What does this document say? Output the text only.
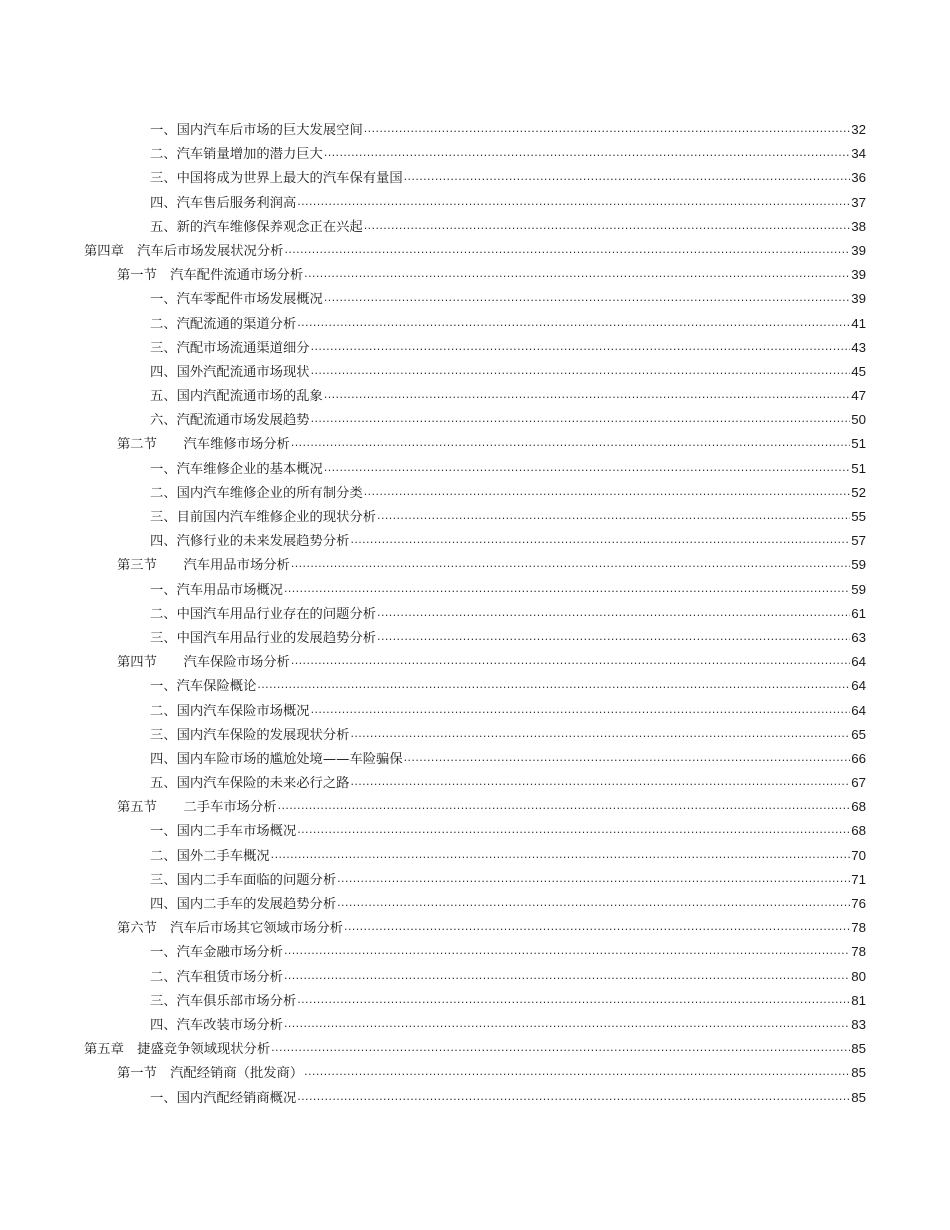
一、国内汽车后市场的巨大发展空间 .....	32
二、汽车销量增加的潜力巨大 .....	34
三、中国将成为世界上最大的汽车保有量国 .....	36
四、汽车售后服务利润高 .....	37
五、新的汽车维修保养观念正在兴起 .....	38
第四章　汽车后市场发展状况分析 .....	39
第一节　汽车配件流通市场分析 .....	39
一、汽车零配件市场发展概况 .....	39
二、汽配流通的渠道分析 .....	41
三、汽配市场流通渠道细分 .....	43
四、国外汽配流通市场现状 .....	45
五、国内汽配流通市场的乱象 .....	47
六、汽配流通市场发展趋势 .....	50
第二节　　汽车维修市场分析 .....	51
一、汽车维修企业的基本概况 .....	51
二、国内汽车维修企业的所有制分类 .....	52
三、目前国内汽车维修企业的现状分析 .....	55
四、汽修行业的未来发展趋势分析 .....	57
第三节　　汽车用品市场分析 .....	59
一、汽车用品市场概况 .....	59
二、中国汽车用品行业存在的问题分析 .....	61
三、中国汽车用品行业的发展趋势分析 .....	63
第四节　　汽车保险市场分析 .....	64
一、汽车保险概论 .....	64
二、国内汽车保险市场概况 .....	64
三、国内汽车保险的发展现状分析 .....	65
四、国内车险市场的尴尬处境——车险骗保 .....	66
五、国内汽车保险的未来必行之路 .....	67
第五节　　二手车市场分析 .....	68
一、国内二手车市场概况 .....	68
二、国外二手车概况 .....	70
三、国内二手车面临的问题分析 .....	71
四、国内二手车的发展趋势分析 .....	76
第六节　汽车后市场其它领域市场分析 .....	78
一、汽车金融市场分析 .....	78
二、汽车租赁市场分析 .....	80
三、汽车俱乐部市场分析 .....	81
四、汽车改装市场分析 .....	83
第五章　捷盛竞争领域现状分析 .....	85
第一节　汽配经销商（批发商） .....	85
一、国内汽配经销商概况 .....	85
